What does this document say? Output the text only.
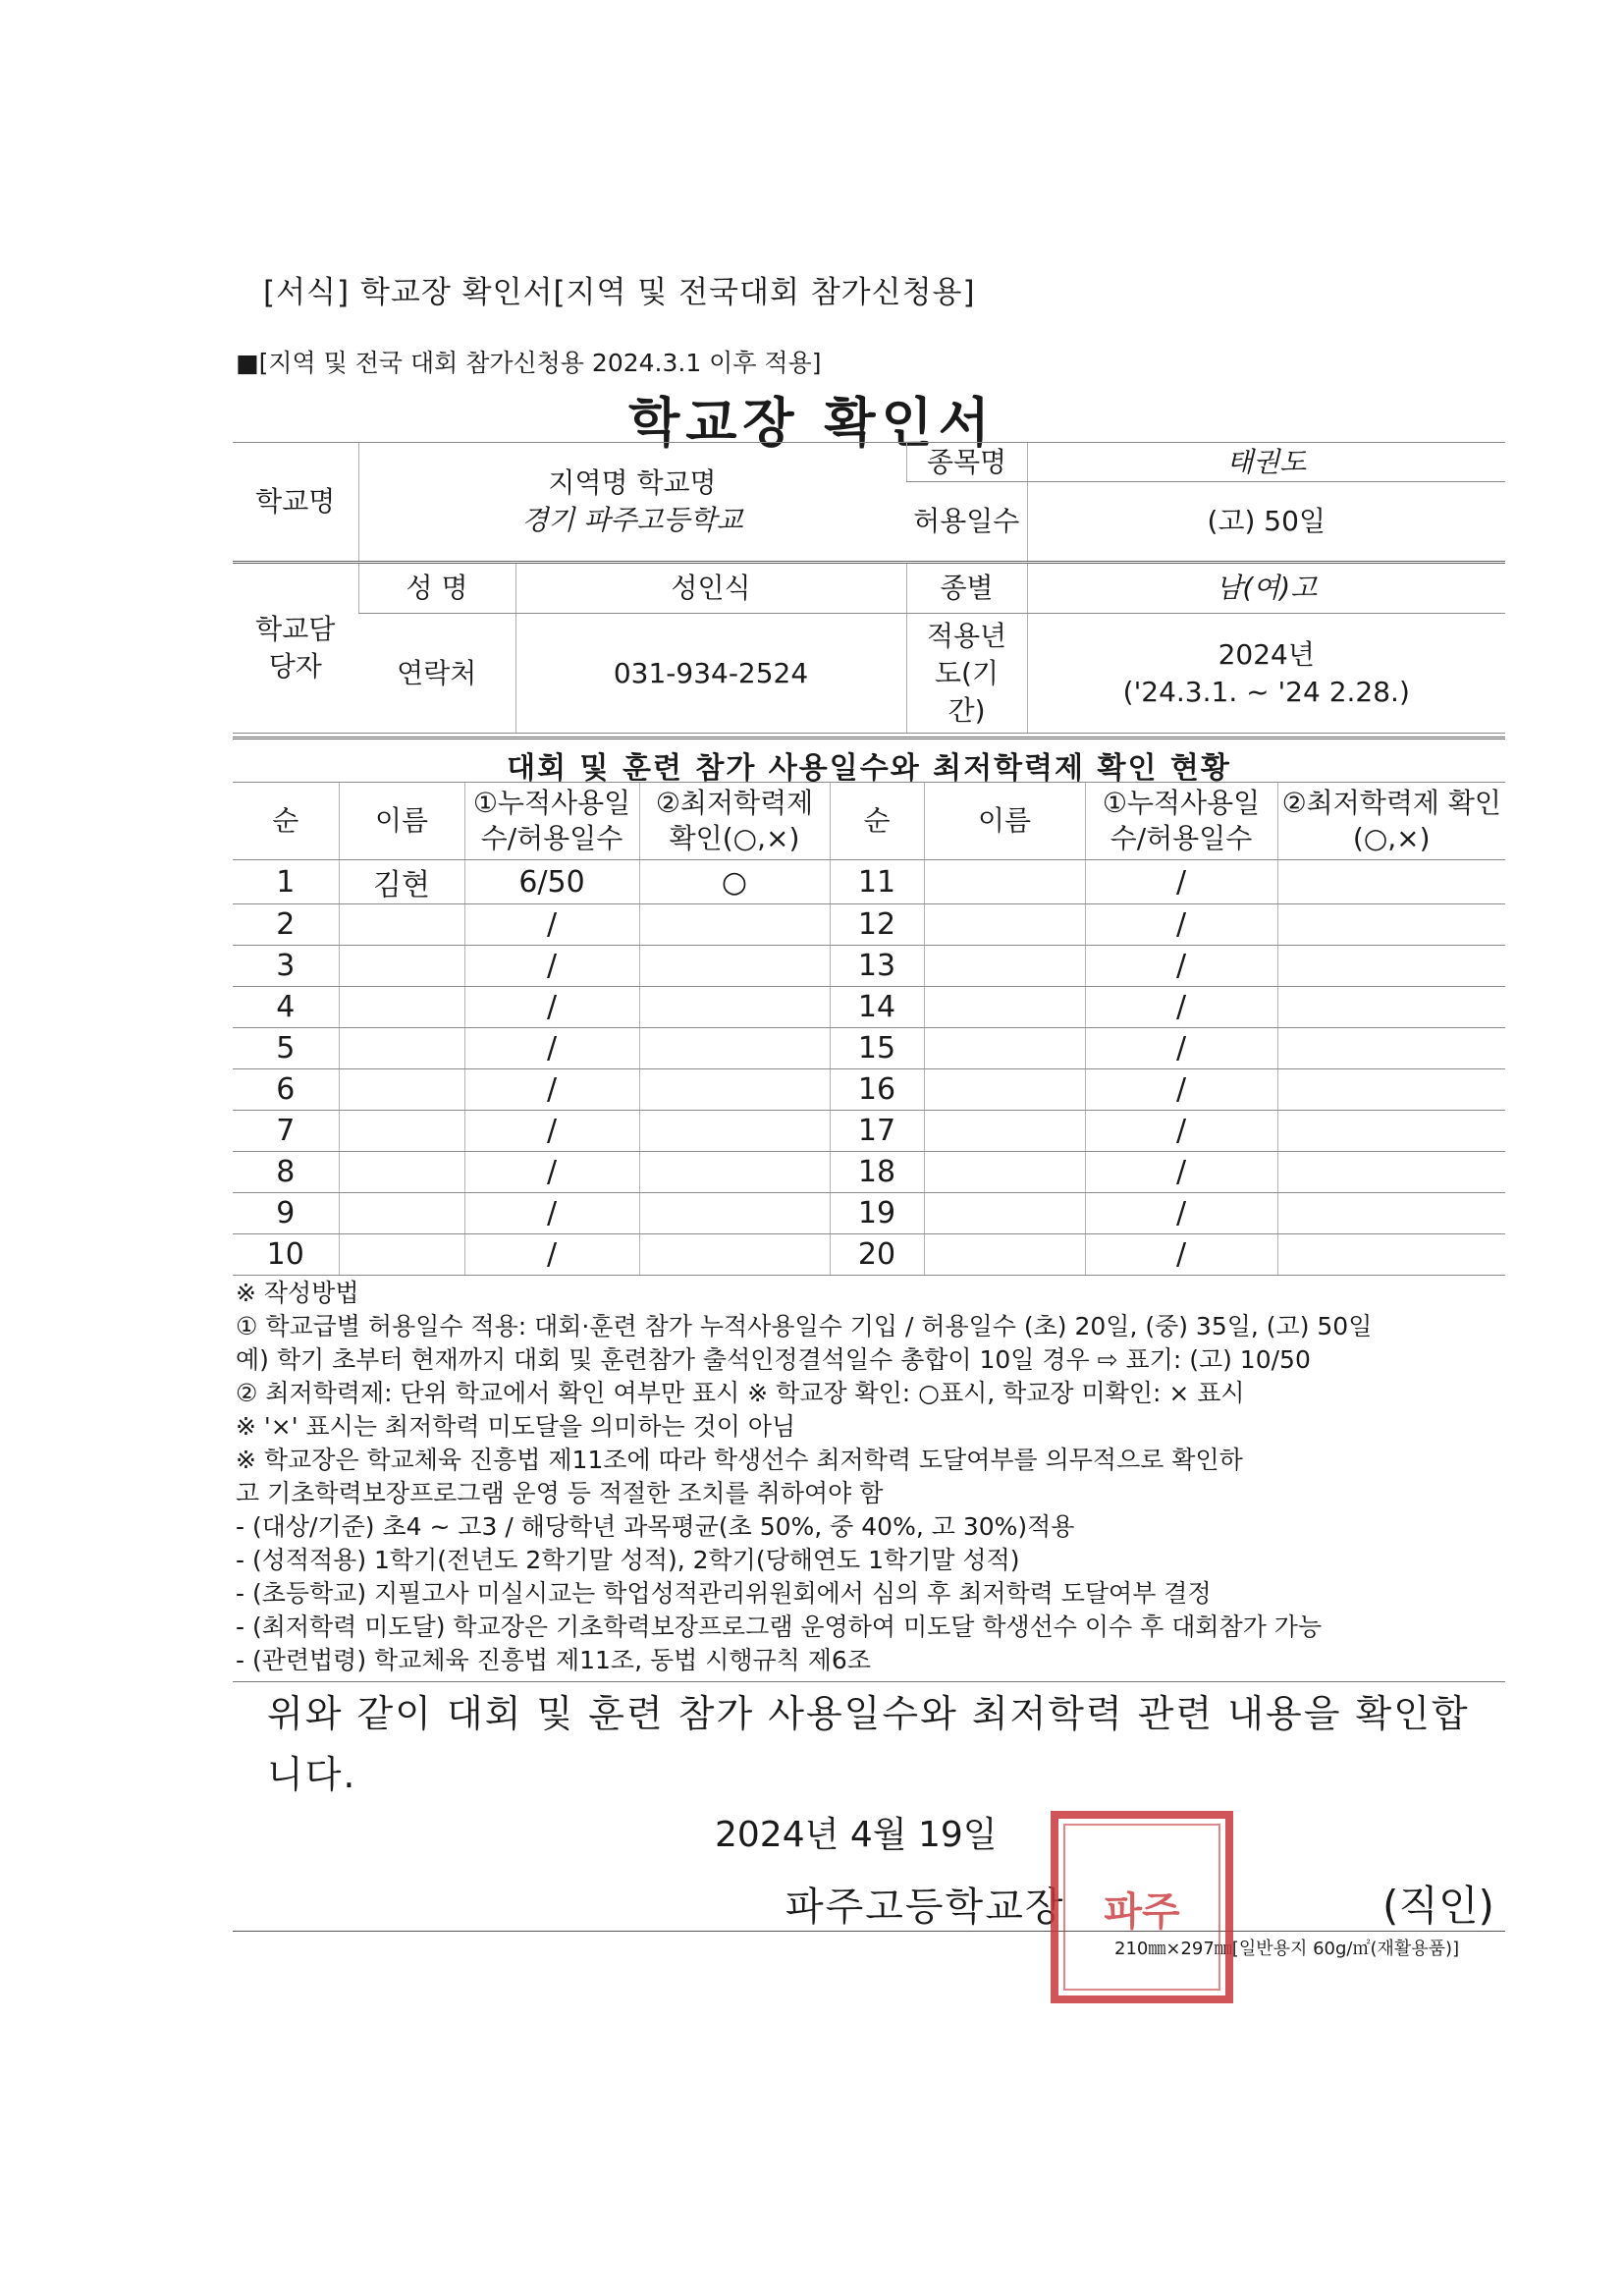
[서식] 학교장 확인서[지역 및 전국대회 참가신청용]
■[지역 및 전국 대회 참가신청용 2024.3.1 이후 적용]
학교장 확인서
학교명	지역명 학교명
경기 파주고등학교		종목명	태권도
			허용일수	(고) 50일
학교담당자	성 명	성인식	종별	남(여)고
	연락처	031-934-2524	적용년도(기간)	2024년
('24.3.1. ~ '24 2.28.)
대회 및 훈련 참가 사용일수와 최저학력제 확인 현황
순	이름	①누적사용일수/허용일수	②최저학력제 확인(○,×)	순	이름	①누적사용일수/허용일수	②최저학력제 확인(○,×)
1	김현	6/50	○	11		/	
2		/		12		/	
3		/		13		/	
4		/		14		/	
5		/		15		/	
6		/		16		/	
7		/		17		/	
8		/		18		/	
9		/		19		/	
10		/		20		/	
※ 작성방법
① 학교급별 허용일수 적용: 대회·훈련 참가 누적사용일수 기입 / 허용일수 (초) 20일, (중) 35일, (고) 50일
예) 학기 초부터 현재까지 대회 및 훈련참가 출석인정결석일수 총합이 10일 경우 ⇨ 표기: (고) 10/50
② 최저학력제: 단위 학교에서 확인 여부만 표시 ※ 학교장 확인: ○표시, 학교장 미확인: × 표시
※ '×' 표시는 최저학력 미도달을 의미하는 것이 아님
※ 학교장은 학교체육 진흥법 제11조에 따라 학생선수 최저학력 도달여부를 의무적으로 확인하
고 기초학력보장프로그램 운영 등 적절한 조치를 취하여야 함
- (대상/기준) 초4 ~ 고3 / 해당학년 과목평균(초 50%, 중 40%, 고 30%)적용
- (성적적용) 1학기(전년도 2학기말 성적), 2학기(당해연도 1학기말 성적)
- (초등학교) 지필고사 미실시교는 학업성적관리위원회에서 심의 후 최저학력 도달여부 결정
- (최저학력 미도달) 학교장은 기초학력보장프로그램 운영하여 미도달 학생선수 이수 후 대회참가 가능
- (관련법령) 학교체육 진흥법 제11조, 동법 시행규칙 제6조
위와 같이 대회 및 훈련 참가 사용일수와 최저학력 관련 내용을 확인합니다.
2024년 4월 19일
파주고등학교장	(직인)
210㎜×297㎜[일반용지 60g/㎡(재활용품)]
파주
